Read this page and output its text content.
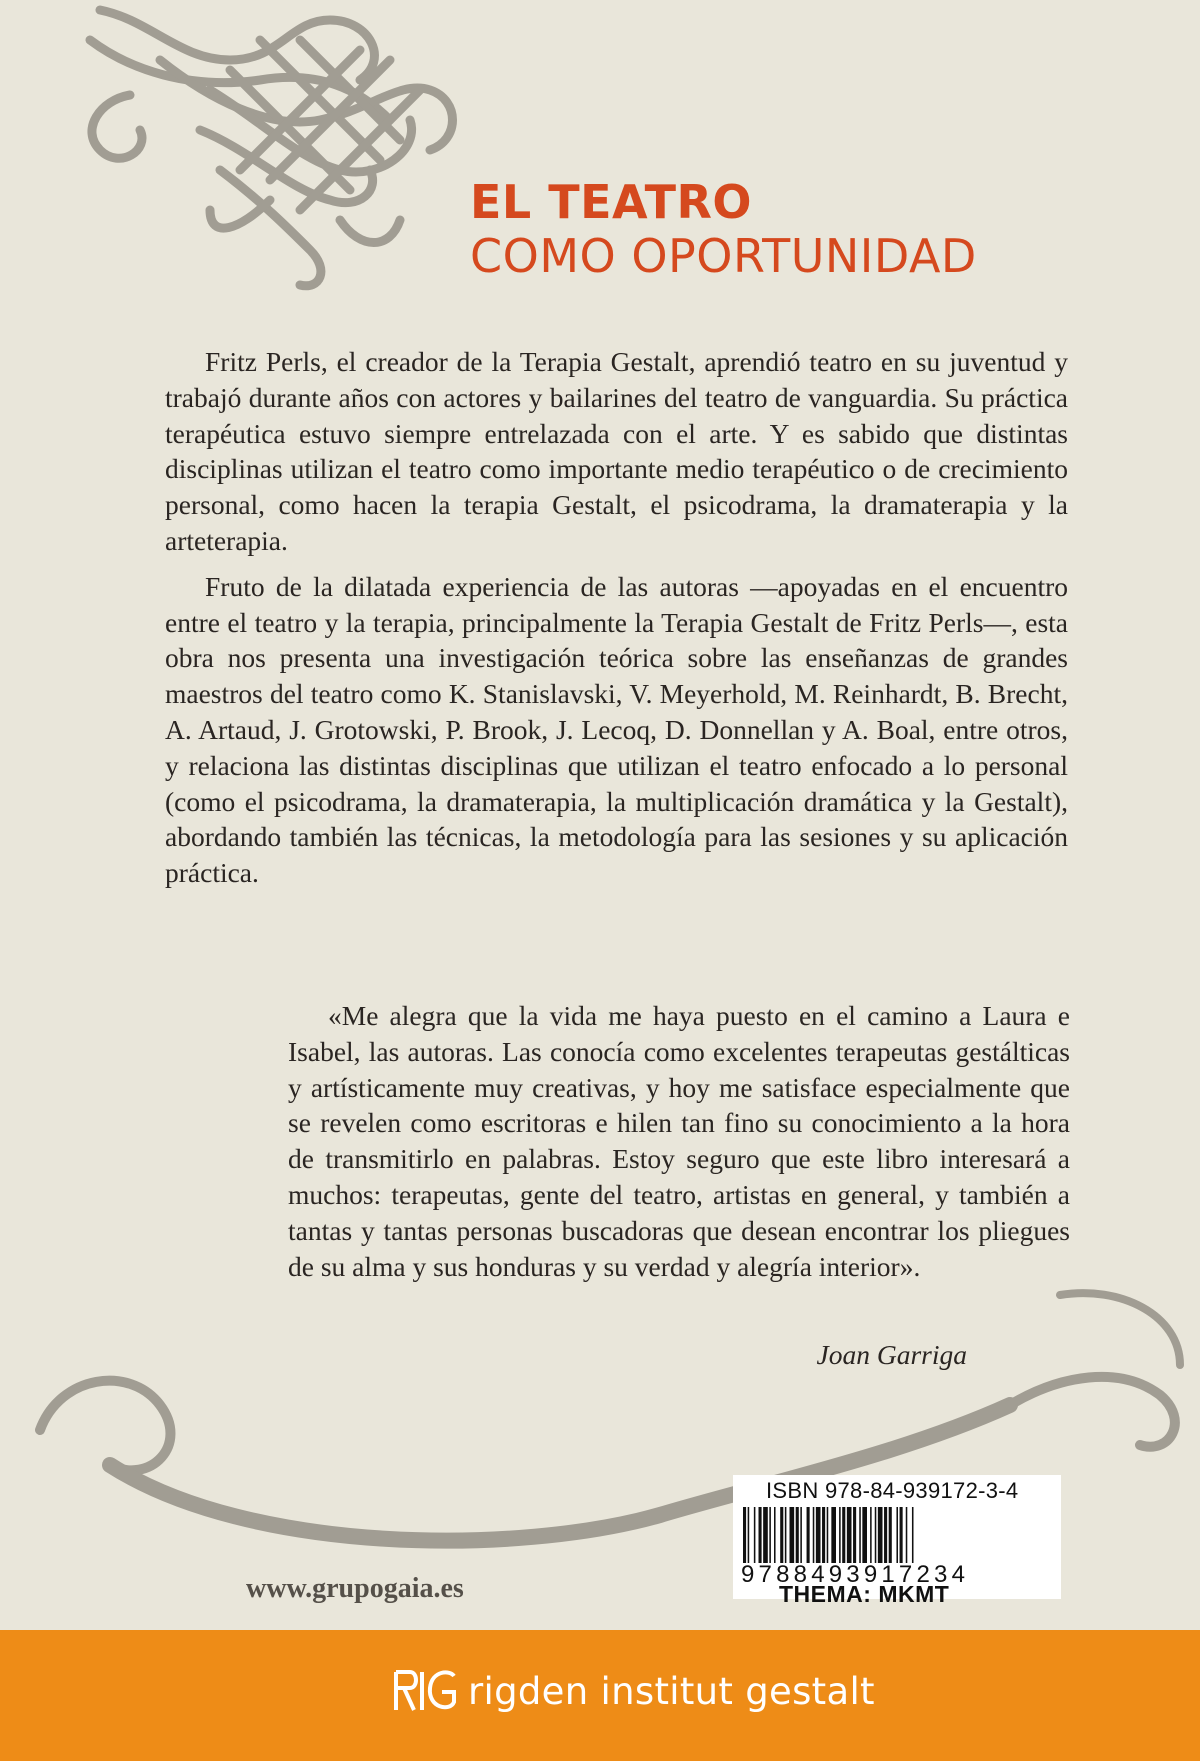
EL TEATRO
COMO OPORTUNIDAD

Fritz Perls, el creador de la Terapia Gestalt, aprendió teatro en su juventud y trabajó durante años con actores y bailarines del teatro de vanguardia. Su práctica terapéutica estuvo siempre entrelazada con el arte. Y es sabido que distintas disciplinas utilizan el teatro como importante medio terapéutico o de crecimiento personal, como hacen la terapia Gestalt, el psicodrama, la dramaterapia y la arteterapia.

Fruto de la dilatada experiencia de las autoras —apoyadas en el encuentro entre el teatro y la terapia, principalmente la Terapia Gestalt de Fritz Perls—, esta obra nos presenta una investigación teórica sobre las enseñanzas de grandes maestros del teatro como K. Stanislavski, V. Meyerhold, M. Reinhardt, B. Brecht, A. Artaud, J. Grotowski, P. Brook, J. Lecoq, D. Donnellan y A. Boal, entre otros, y relaciona las distintas disciplinas que utilizan el teatro enfocado a lo personal (como el psicodrama, la dramaterapia, la multiplicación dramática y la Gestalt), abordando también las técnicas, la metodología para las sesiones y su aplicación práctica.

«Me alegra que la vida me haya puesto en el camino a Laura e Isabel, las autoras. Las conocía como excelentes terapeutas gestálticas y artísticamente muy creativas, y hoy me satisface especialmente que se revelen como escritoras e hilen tan fino su conocimiento a la hora de transmitirlo en palabras. Estoy seguro que este libro interesará a muchos: terapeutas, gente del teatro, artistas en general, y también a tantas y tantas personas buscadoras que desean encontrar los pliegues de su alma y sus honduras y su verdad y alegría interior».

Joan Garriga
www.grupogaia.es
ISBN 978-84-939172-3-4
9788493917234
THEMA: MKMT
rigden institut gestalt
